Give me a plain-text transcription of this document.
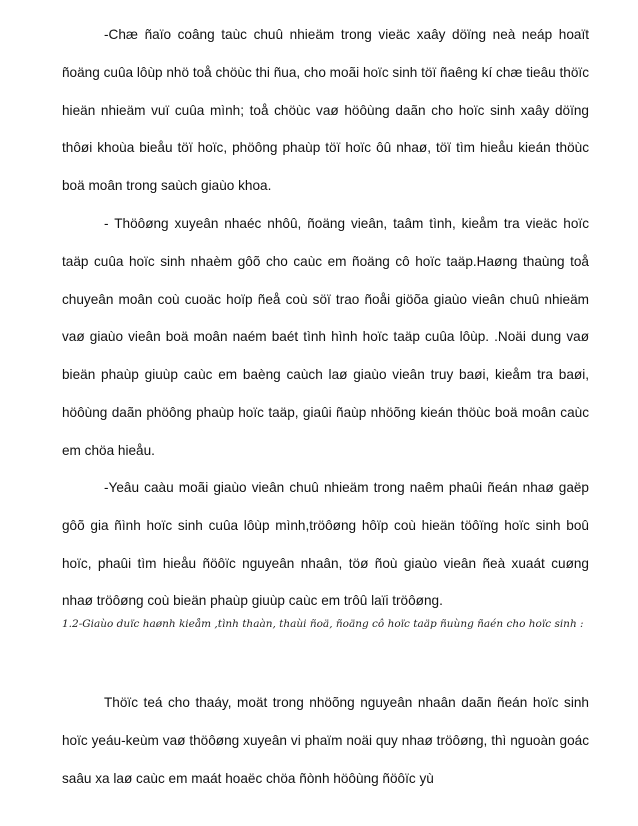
-Chæ ñaïo coâng taùc chuû nhieäm trong vieäc xaây döïng neà neáp hoaït ñoäng cuûa lôùp nhö toå chöùc thi ñua, cho moãi hoïc sinh töï ñaêng kí chæ tieâu thöïc hieän nhieäm vuï cuûa mình; toå chöùc vaø höôùng daãn cho hoïc sinh xaây döïng thôøi khoùa bieåu töï hoïc, phöông phaùp töï hoïc ôû nhaø, töï tìm hieåu kieán thöùc boä moân trong saùch giaùo khoa.

- Thöôøng xuyeân nhaéc nhôû, ñoäng vieân, taâm tình, kieåm tra vieäc hoïc taäp cuûa hoïc sinh nhaèm gôõ cho caùc em ñoäng cô hoïc taäp.Haøng thaùng toå chuyeân moân coù cuoäc hoïp ñeå coù söï trao ñoåi giöõa giaùo vieân chuû nhieäm vaø giaùo vieân boä moân naém baét tình hình hoïc taäp cuûa lôùp. .Noäi dung vaø bieän phaùp giuùp caùc em baèng caùch laø giaùo vieân truy baøi, kieåm tra baøi, höôùng daãn phöông phaùp hoïc taäp, giaûi ñaùp nhöõng kieán thöùc boä moân caùc em chöa hieåu.

-Yeâu caàu moãi giaùo vieân chuû nhieäm trong naêm phaûi ñeán nhaø gaëp gôõ gia ñình hoïc sinh cuûa lôùp mình,tröôøng hôïp coù hieän töôïng hoïc sinh boû hoïc, phaûi tìm hieåu ñöôïc nguyeân nhaân, töø ñoù giaùo vieân ñeà xuaát cuøng nhaø tröôøng coù bieän phaùp giuùp caùc em trôû laïi tröôøng.

1.2-Giaùo duïc haønh kieåm ,tình thaàn, thaùi ñoä, ñoäng cô hoïc taäp ñuùng ñaén cho hoïc sinh :

Thöïc teá cho thaáy, moät trong nhöõng nguyeân nhaân daãn ñeán hoïc sinh hoïc yeáu-keùm vaø thöôøng xuyeân vi phaïm noäi quy nhaø tröôøng, thì nguoàn goác saâu xa laø caùc em maát hoaëc chöa ñònh höôùng ñöôïc yù
